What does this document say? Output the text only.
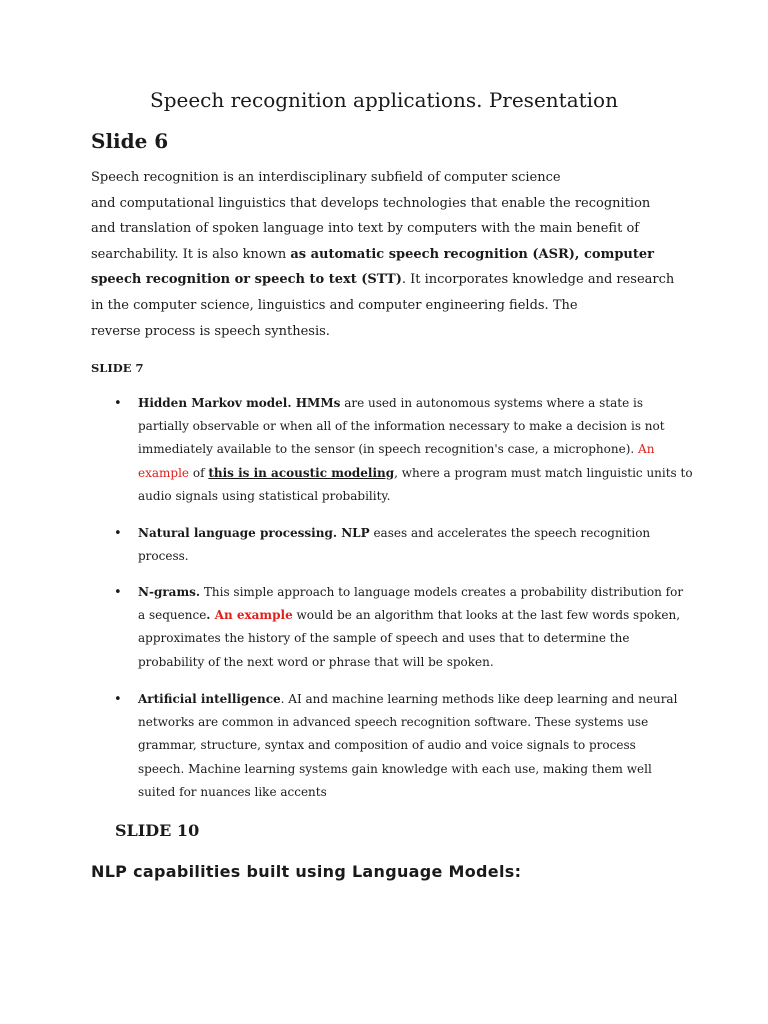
Speech recognition applications. Presentation
Slide 6
Speech recognition is an interdisciplinary subfield of computer science
and computational linguistics that develops technologies that enable the recognition
and translation of spoken language into text by computers with the main benefit of
searchability. It is also known as automatic speech recognition (ASR), computer
speech recognition or speech to text (STT). It incorporates knowledge and research
in the computer science, linguistics and computer engineering fields. The
reverse process is speech synthesis.
SLIDE 7
• Hidden Markov model. HMMs are used in autonomous systems where a state is
partially observable or when all of the information necessary to make a decision is not
immediately available to the sensor (in speech recognition's case, a microphone). An
example of this is in acoustic modeling, where a program must match linguistic units to
audio signals using statistical probability.
• Natural language processing. NLP eases and accelerates the speech recognition
process.
• N-grams. This simple approach to language models creates a probability distribution for
a sequence. An example would be an algorithm that looks at the last few words spoken,
approximates the history of the sample of speech and uses that to determine the
probability of the next word or phrase that will be spoken.
• Artificial intelligence. AI and machine learning methods like deep learning and neural
networks are common in advanced speech recognition software. These systems use
grammar, structure, syntax and composition of audio and voice signals to process
speech. Machine learning systems gain knowledge with each use, making them well
suited for nuances like accents
SLIDE 10
NLP capabilities built using Language Models:
